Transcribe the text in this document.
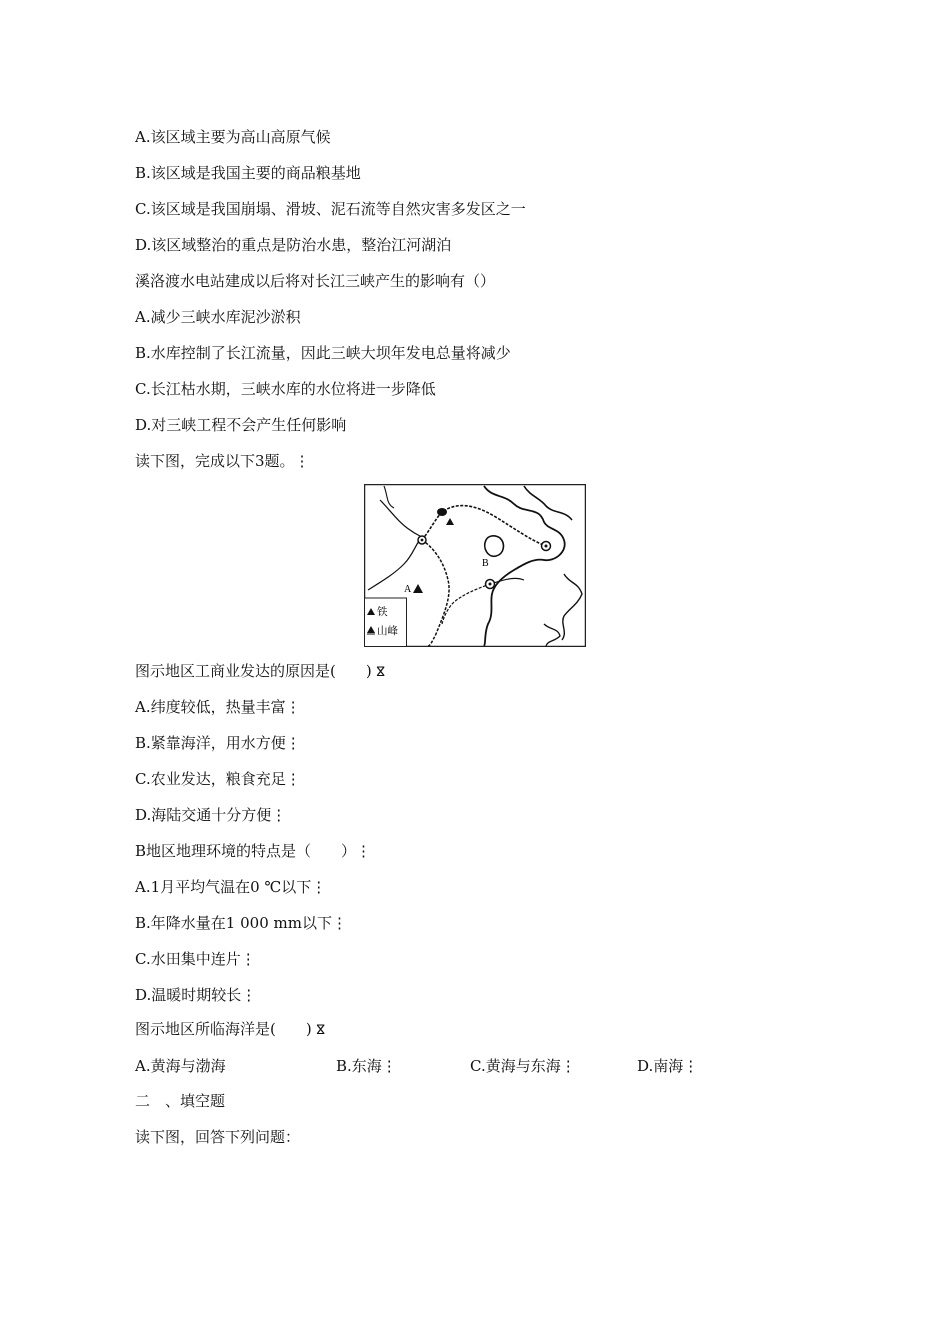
A.该区域主要为高山高原气候
B.该区域是我国主要的商品粮基地
C.该区域是我国崩塌、滑坡、泥石流等自然灾害多发区之一
D.该区域整治的重点是防治水患，整治江河湖泊
溪洛渡水电站建成以后将对长江三峡产生的影响有（）
A.减少三峡水库泥沙淤积
B.水库控制了长江流量，因此三峡大坝年发电总量将减少
C.长江枯水期，三峡水库的水位将进一步降低
D.对三峡工程不会产生任何影响
读下图，完成以下3题。⋮
A
B
铁
山峰
图示地区工商业发达的原因是(　　) ⴵ
A.纬度较低，热量丰富⋮
B.紧靠海洋，用水方便⋮
C.农业发达，粮食充足⋮
D.海陆交通十分方便⋮
B地区地理环境的特点是（　　）⋮
A.1月平均气温在0 ℃以下⋮
B.年降水量在1 000 mm以下⋮
C.水田集中连片⋮
D.温暖时期较长⋮
图示地区所临海洋是(　　) ⴵ
A.黄海与渤海	B.东海⋮	C.黄海与东海⋮	D.南海⋮
二　、填空题
读下图，回答下列问题：
